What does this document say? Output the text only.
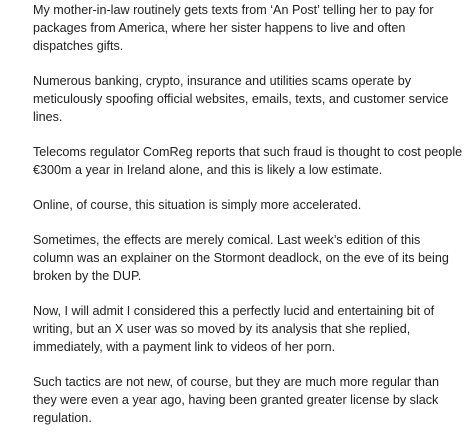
My mother-in-law routinely gets texts from ‘An Post’ telling her to pay for packages from America, where her sister happens to live and often dispatches gifts.

Numerous banking, crypto, insurance and utilities scams operate by meticulously spoofing official websites, emails, texts, and customer service lines.

Telecoms regulator ComReg reports that such fraud is thought to cost people €300m a year in Ireland alone, and this is likely a low estimate.

Online, of course, this situation is simply more accelerated.

Sometimes, the effects are merely comical. Last week’s edition of this column was an explainer on the Stormont deadlock, on the eve of its being broken by the DUP.

Now, I will admit I considered this a perfectly lucid and entertaining bit of writing, but an X user was so moved by its analysis that she replied, immediately, with a payment link to videos of her porn.

Such tactics are not new, of course, but they are much more regular than they were even a year ago, having been granted greater license by slack regulation.
